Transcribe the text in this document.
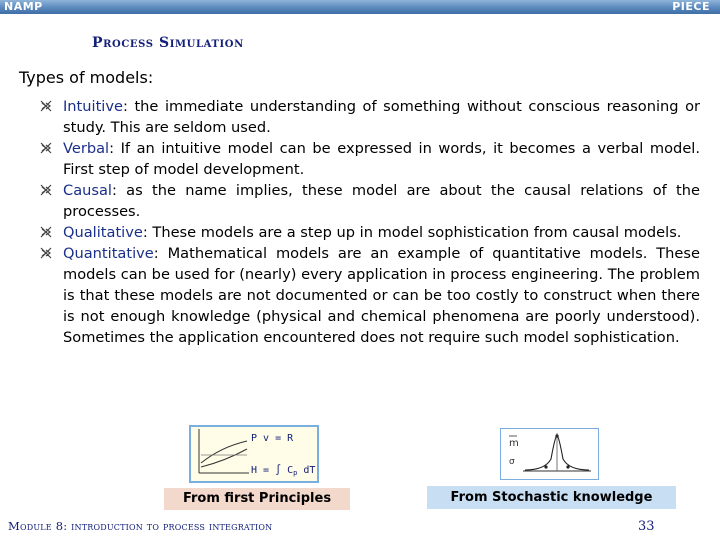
NAMP	PIECE
Process Simulation
Types of models:
Intuitive: the immediate understanding of something without conscious reasoning or study. This are seldom used.
Verbal: If an intuitive model can be expressed in words, it becomes a verbal model. First step of model development.
Causal: as the name implies, these model are about the causal relations of the processes.
Qualitative: These models are a step up in model sophistication from causal models.
Quantitative: Mathematical models are an example of quantitative models. These models can be used for (nearly) every application in process engineering. The problem is that these models are not documented or can be too costly to construct when there is not enough knowledge (physical and chemical phenomena are poorly understood). Sometimes the application encountered does not require such model sophistication.
P v = R
H = ∫ $C_p$ dT
From first Principles
m
σ
From Stochastic knowledge
Module 8: introduction to process integration	33
